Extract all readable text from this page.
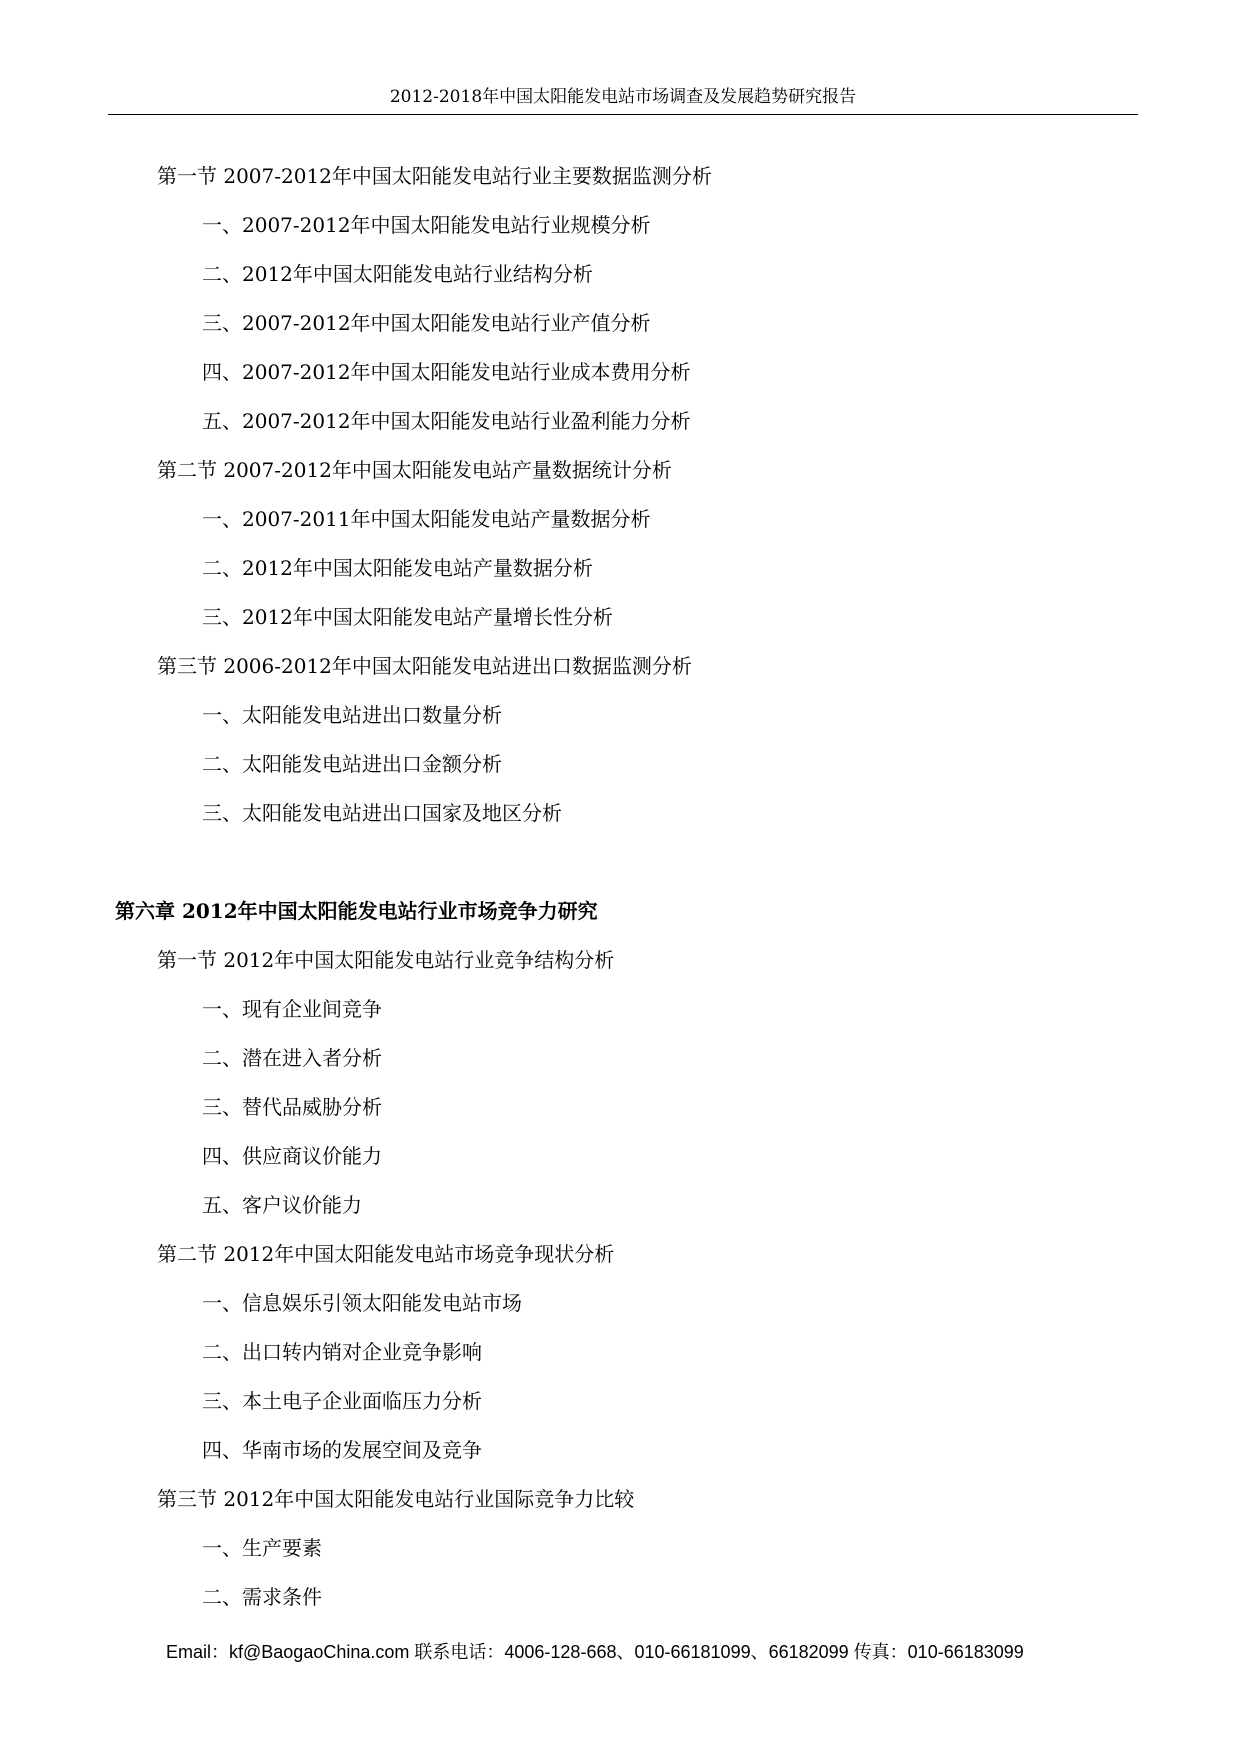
2012-2018年中国太阳能发电站市场调查及发展趋势研究报告
第一节 2007-2012年中国太阳能发电站行业主要数据监测分析
一、2007-2012年中国太阳能发电站行业规模分析
二、2012年中国太阳能发电站行业结构分析
三、2007-2012年中国太阳能发电站行业产值分析
四、2007-2012年中国太阳能发电站行业成本费用分析
五、2007-2012年中国太阳能发电站行业盈利能力分析
第二节 2007-2012年中国太阳能发电站产量数据统计分析
一、2007-2011年中国太阳能发电站产量数据分析
二、2012年中国太阳能发电站产量数据分析
三、2012年中国太阳能发电站产量增长性分析
第三节 2006-2012年中国太阳能发电站进出口数据监测分析
一、太阳能发电站进出口数量分析
二、太阳能发电站进出口金额分析
三、太阳能发电站进出口国家及地区分析
第六章 2012年中国太阳能发电站行业市场竞争力研究
第一节 2012年中国太阳能发电站行业竞争结构分析
一、现有企业间竞争
二、潜在进入者分析
三、替代品威胁分析
四、供应商议价能力
五、客户议价能力
第二节 2012年中国太阳能发电站市场竞争现状分析
一、信息娱乐引领太阳能发电站市场
二、出口转内销对企业竞争影响
三、本土电子企业面临压力分析
四、华南市场的发展空间及竞争
第三节 2012年中国太阳能发电站行业国际竞争力比较
一、生产要素
二、需求条件
Email：kf@BaogaoChina.com 联系电话：4006-128-668、010-66181099、66182099 传真：010-66183099
